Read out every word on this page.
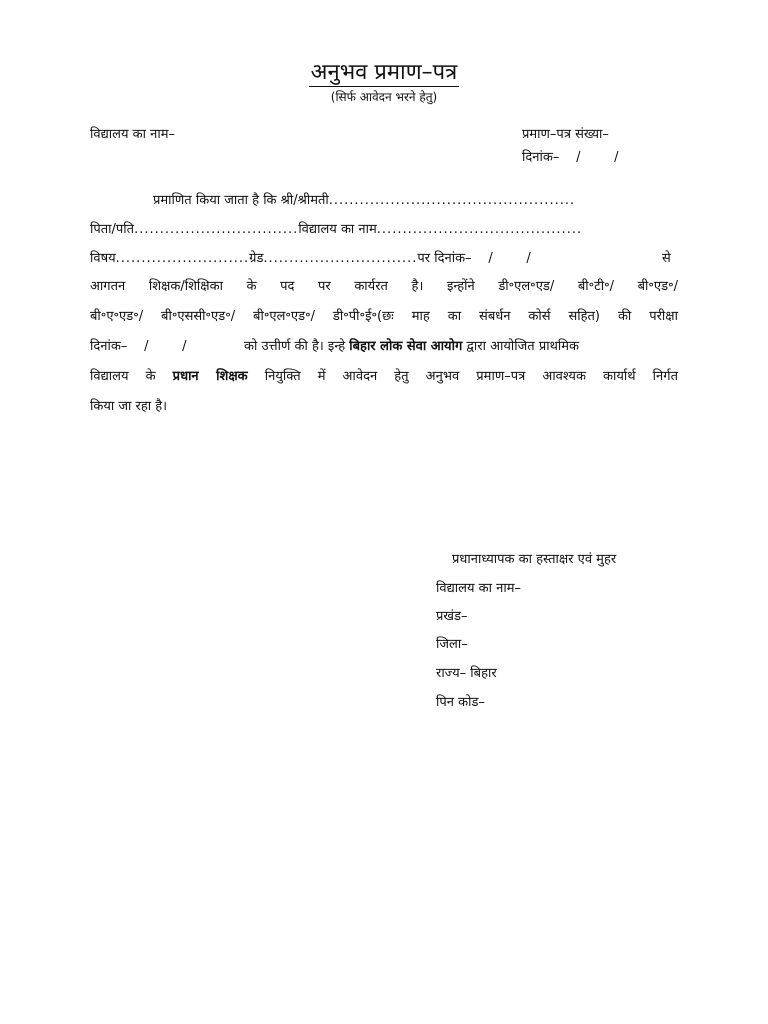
अनुभव प्रमाण–पत्र
(सिर्फ आवेदन भरने हेतु)
विद्यालय का नाम–	प्रमाण–पत्र संख्या–
दिनांक– /	/
प्रमाणित किया जाता है कि श्री/श्रीमती................................................
पिता/पति................................विद्यालय का नाम........................................
विषय..........................ग्रेड..............................पर दिनांक– /	/	से
आगतन शिक्षक/शिक्षिका के पद पर कार्यरत है। इन्होंने डी॰एल॰एड/ बी॰टी॰/ बी॰एड॰/
बी॰ए॰एड॰/ बी॰एससी॰एड॰/ बी॰एल॰एड॰/ डी॰पी॰ई॰(छः माह का संबर्धन कोर्स सहित) की परीक्षा
दिनांक– /	/	को उत्तीर्ण की है। इन्हे बिहार लोक सेवा आयोग द्वारा आयोजित प्राथमिक
विद्यालय के प्रधान शिक्षक नियुक्ति में आवेदन हेतु अनुभव प्रमाण–पत्र आवश्यक कार्यार्थ निर्गत
किया जा रहा है।
प्रधानाध्यापक का हस्ताक्षर एवं मुहर
विद्यालय का नाम–
प्रखंड–
जिला–
राज्य– बिहार
पिन कोड–
